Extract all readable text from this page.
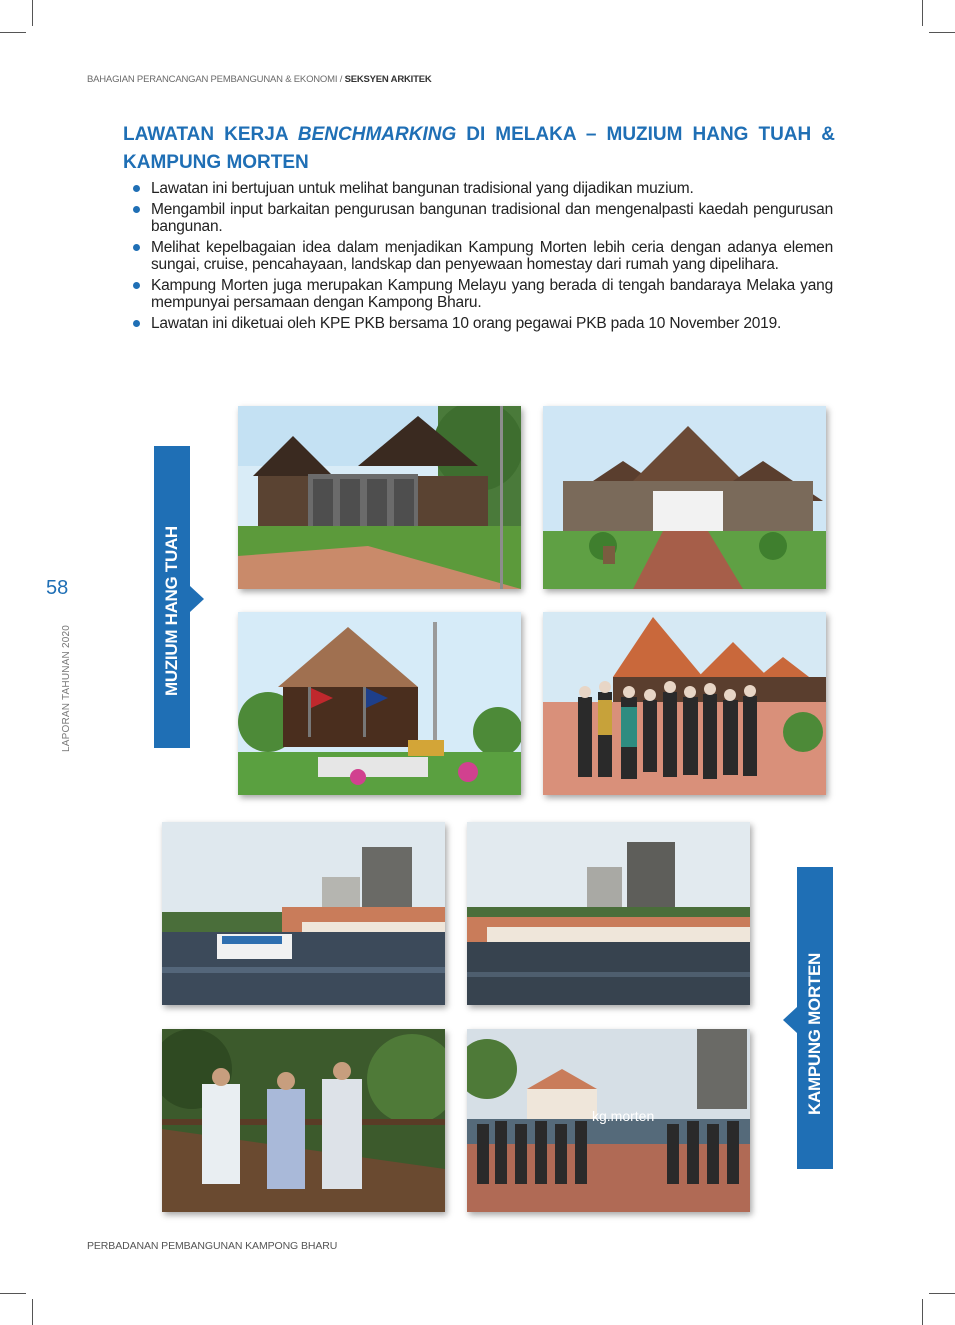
BAHAGIAN PERANCANGAN PEMBANGUNAN & EKONOMI / SEKSYEN ARKITEK
LAWATAN KERJA BENCHMARKING DI MELAKA – MUZIUM HANG TUAH & KAMPUNG MORTEN
Lawatan ini bertujuan untuk melihat bangunan tradisional yang dijadikan muzium.
Mengambil input barkaitan pengurusan bangunan tradisional dan mengenalpasti kaedah pengurusan bangunan.
Melihat kepelbagaian idea dalam menjadikan Kampung Morten lebih ceria dengan adanya elemen sungai, cruise, pencahayaan, landskap dan penyewaan homestay dari rumah yang dipelihara.
Kampung Morten juga merupakan Kampung Melayu yang berada di tengah bandaraya Melaka yang mempunyai persamaan dengan Kampong Bharu.
Lawatan ini diketuai oleh KPE PKB bersama 10 orang pegawai PKB pada 10 November 2019.
58
LAPORAN TAHUNAN 2020	MUZIUM HANG TUAH
KAMPUNG MORTEN
kg.morten
PERBADANAN PEMBANGUNAN KAMPONG BHARU
